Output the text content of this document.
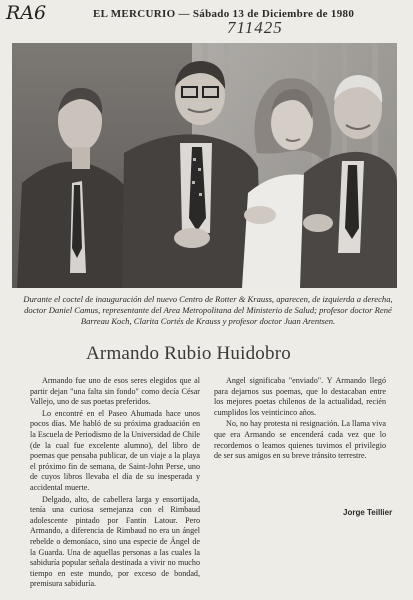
RA6
711425
EL MERCURIO — Sábado 13 de Diciembre de 1980
Durante el coctel de inauguración del nuevo Centro de Rotter & Krauss, aparecen, de izquierda a derecha, doctor Daniel Camus, representante del Area Metropolitana del Ministerio de Salud; profesor doctor René Barreau Koch, Clarita Cortés de Krauss y profesor doctor Juan Arentsen.
Armando Rubio Huidobro

Armando fue uno de esos seres elegidos que al partir dejan "una falta sin fondo" como decía César Vallejo, uno de sus poetas preferidos.

Lo encontré en el Paseo Ahumada hace unos pocos días. Me habló de su próxima graduación en la Escuela de Periodismo de la Universidad de Chile (de la cual fue excelente alumno), del libro de poemas que pensaba publicar, de un viaje a la playa el próximo fin de semana, de Saint-John Perse, uno de cuyos libros llevaba el día de su inesperada y accidental muerte.

Delgado, alto, de cabellera larga y ensortijada, tenía una curiosa semejanza con el Rimbaud adolescente pintado por Fantin Latour. Pero Armando, a diferencia de Rimbaud no era un ángel rebelde o demoníaco, sino una especie de Ángel de la Guarda. Una de aquellas personas a las cuales la sabiduría popular señala destinada a vivir no mucho tiempo en este mundo, por exceso de bondad, premisura sabiduría.

Angel significaba "enviado". Y Armando llegó para dejarnos sus poemas, que lo destacaban entre los mejores poetas chilenos de la actualidad, recién cumplidos los veinticinco años.

No, no hay protesta ni resignación. La llama viva que era Armando se encenderá cada vez que lo recordemos o leamos quienes tuvimos el privilegio de ser sus amigos en su breve tránsito terrestre.

Jorge Teillier
